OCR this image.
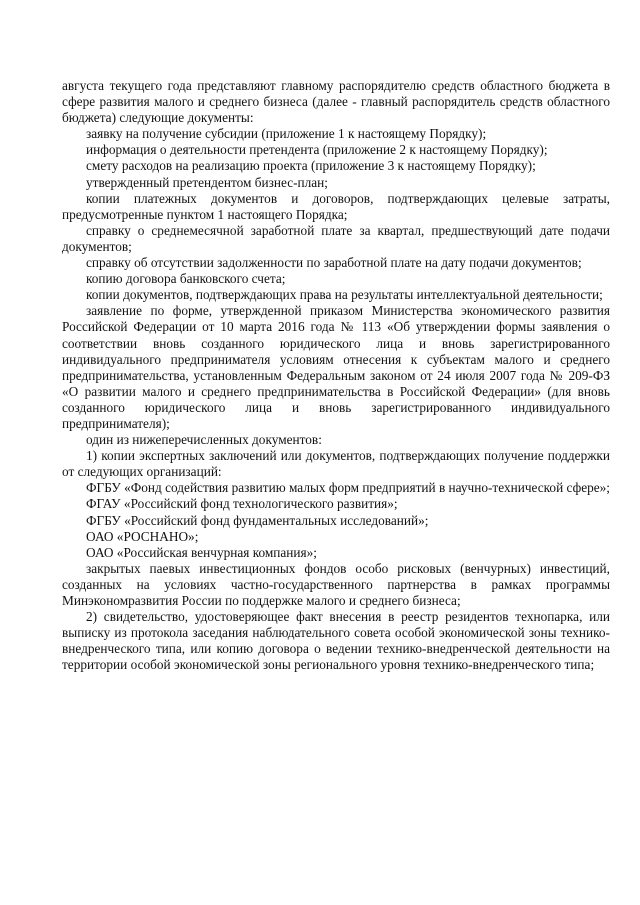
августа текущего года представляют главному распорядителю средств областного бюджета в сфере развития малого и среднего бизнеса (далее - главный распорядитель средств областного бюджета) следующие документы:

заявку на получение субсидии (приложение 1 к настоящему Порядку);

информация о деятельности претендента (приложение 2 к настоящему Порядку);

смету расходов на реализацию проекта (приложение 3 к настоящему Порядку);

утвержденный претендентом бизнес-план;

копии платежных документов и договоров, подтверждающих целевые затраты, предусмотренные пунктом 1 настоящего Порядка;

справку о среднемесячной заработной плате за квартал, предшествующий дате подачи документов;

справку об отсутствии задолженности по заработной плате на дату подачи документов;

копию договора банковского счета;

копии документов, подтверждающих права на результаты интеллектуальной деятельности;

заявление по форме, утвержденной приказом Министерства экономического развития Российской Федерации от 10 марта 2016 года № 113 «Об утверждении формы заявления о соответствии вновь созданного юридического лица и вновь зарегистрированного индивидуального предпринимателя условиям отнесения к субъектам малого и среднего предпринимательства, установленным Федеральным законом от 24 июля 2007 года № 209-ФЗ «О развитии малого и среднего предпринимательства в Российской Федерации» (для вновь созданного юридического лица и вновь зарегистрированного индивидуального предпринимателя);

один из нижеперечисленных документов:

1) копии экспертных заключений или документов, подтверждающих получение поддержки от следующих организаций:

ФГБУ «Фонд содействия развитию малых форм предприятий в научно-технической сфере»;

ФГАУ «Российский фонд технологического развития»;

ФГБУ «Российский фонд фундаментальных исследований»;

ОАО «РОСНАНО»;

ОАО «Российская венчурная компания»;

закрытых паевых инвестиционных фондов особо рисковых (венчурных) инвестиций, созданных на условиях частно-государственного партнерства в рамках программы Минэкономразвития России по поддержке малого и среднего бизнеса;

2) свидетельство, удостоверяющее факт внесения в реестр резидентов технопарка, или выписку из протокола заседания наблюдательного совета особой экономической зоны технико-внедренческого типа, или копию договора о ведении технико-внедренческой деятельности на территории особой экономической зоны регионального уровня технико-внедренческого типа;
